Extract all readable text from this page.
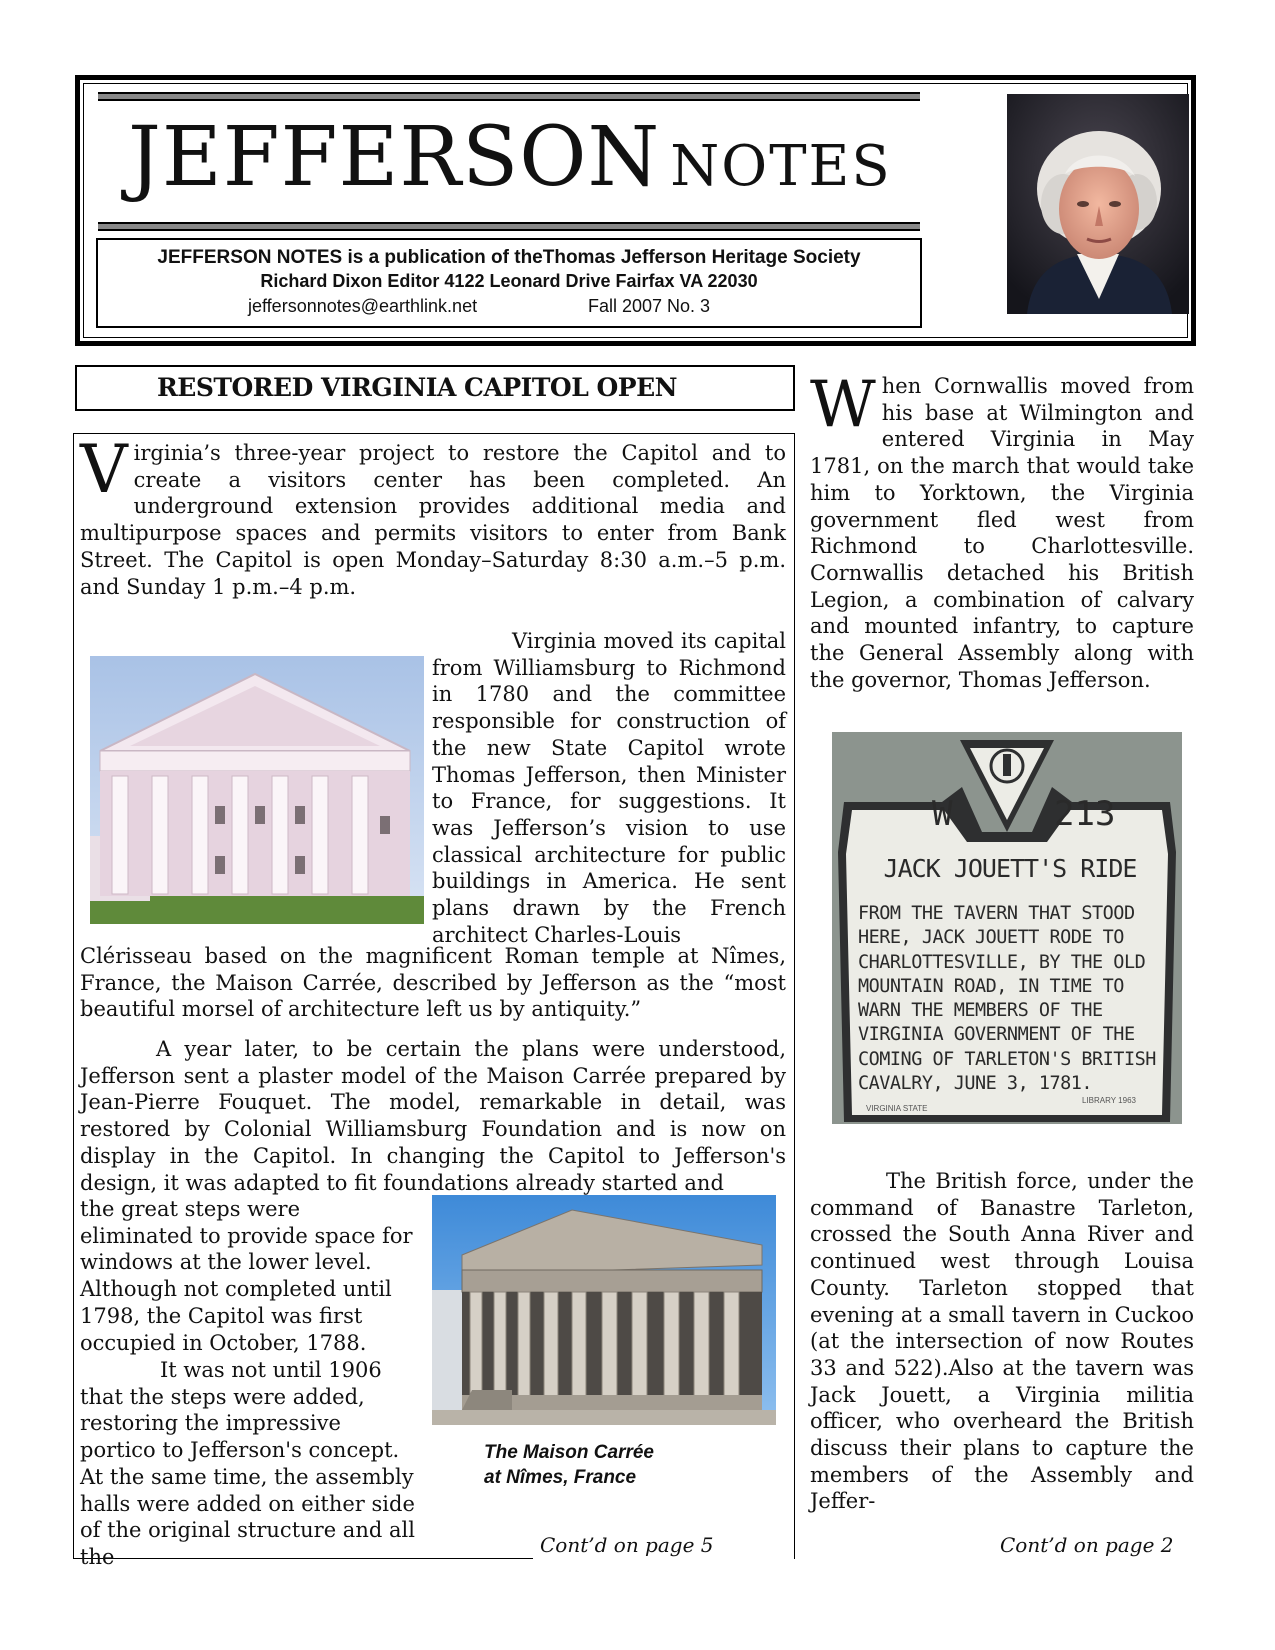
JEFFERSON NOTES
JEFFERSON NOTES is a publication of theThomas Jefferson Heritage Society
Richard Dixon Editor 4122 Leonard Drive Fairfax VA 22030
jeffersonnotes@earthlink.net	Fall 2007 No. 3
RESTORED VIRGINIA CAPITOL OPEN
Virginia’s three-year project to restore the Capitol and to create a visitors center has been completed. An underground extension provides additional media and multipurpose spaces and permits visitors to enter from Bank Street. The Capitol is open Monday–Saturday 8:30 a.m.–5 p.m. and Sunday 1 p.m.–4 p.m.
Virginia moved its capital from Williamsburg to Richmond in 1780 and the committee responsible for construction of the new State Capitol wrote Thomas Jefferson, then Minister to France, for suggestions. It was Jefferson’s vision to use classical architecture for public buildings in America. He sent plans drawn by the French architect Charles-Louis
Clérisseau based on the magnificent Roman temple at Nîmes, France, the Maison Carrée, described by Jefferson as the “most beautiful morsel of architecture left us by antiquity.”
A year later, to be certain the plans were understood, Jefferson sent a plaster model of the Maison Carrée prepared by Jean-Pierre Fouquet. The model, remarkable in detail, was restored by Colonial Williamsburg Foundation and is now on display in the Capitol. In changing the Capitol to Jefferson's design, it was adapted to fit foundations already started and
the great steps were eliminated to provide space for windows at the lower level. Although not completed until 1798, the Capitol was first occupied in October, 1788.
It was not until 1906 that the steps were added, restoring the impressive portico to Jefferson's concept. At the same time, the assembly halls were added on either side of the original structure and all the
The Maison Carrée
at Nîmes, France
Cont’d on page 5
When Cornwallis moved from his base at Wilmington and entered Virginia in May 1781, on the march that would take him to Yorktown, the Virginia government fled west from Richmond to Charlottesville. Cornwallis detached his British Legion, a combination of calvary and mounted infantry, to capture the General Assembly along with the governor, Thomas Jefferson.
W	213
JACK JOUETT'S RIDE
FROM THE TAVERN THAT STOOD
HERE, JACK JOUETT RODE TO
CHARLOTTESVILLE, BY THE OLD
MOUNTAIN ROAD, IN TIME TO
WARN THE MEMBERS OF THE
VIRGINIA GOVERNMENT OF THE
COMING OF TARLETON'S BRITISH
CAVALRY, JUNE 3, 1781.
VIRGINIA STATE
LIBRARY 1963
The British force, under the command of Banastre Tarleton, crossed the South Anna River and continued west through Louisa County. Tarleton stopped that evening at a small tavern in Cuckoo (at the intersection of now Routes 33 and 522).Also at the tavern was Jack Jouett, a Virginia militia officer, who overheard the British discuss their plans to capture the members of the Assembly and Jeffer-
Cont’d on page 2
